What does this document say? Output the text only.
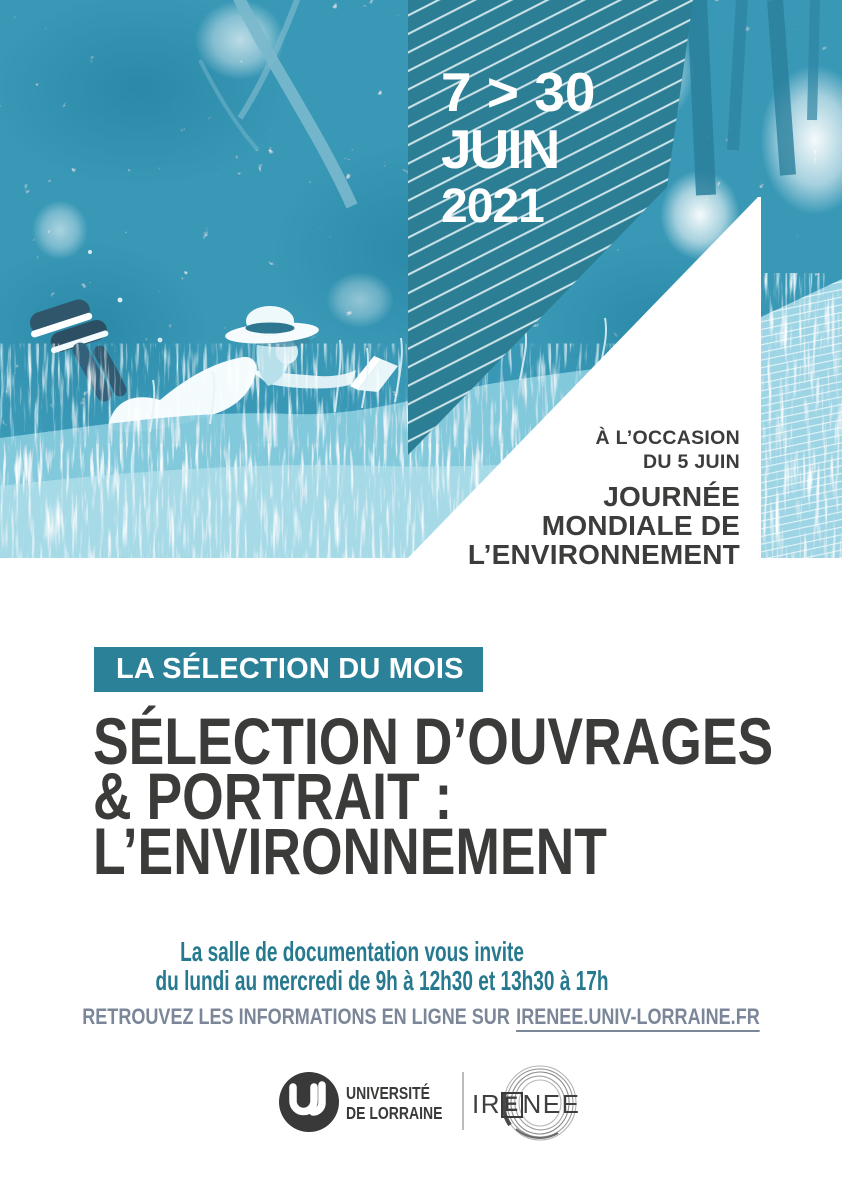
7 > 30
JUIN
2021
À L’OCCASION
DU 5 JUIN
JOURNÉE
MONDIALE DE
L’ENVIRONNEMENT
LA SÉLECTION DU MOIS
SÉLECTION D’OUVRAGES
& PORTRAIT :
L’ENVIRONNEMENT
La salle de documentation vous invite
du lundi au mercredi de 9h à 12h30 et 13h30 à 17h
RETROUVEZ LES INFORMATIONS EN LIGNE SUR IRENEE.UNIV-LORRAINE.FR
UNIVERSITÉ
DE LORRAINE IR E NEE
